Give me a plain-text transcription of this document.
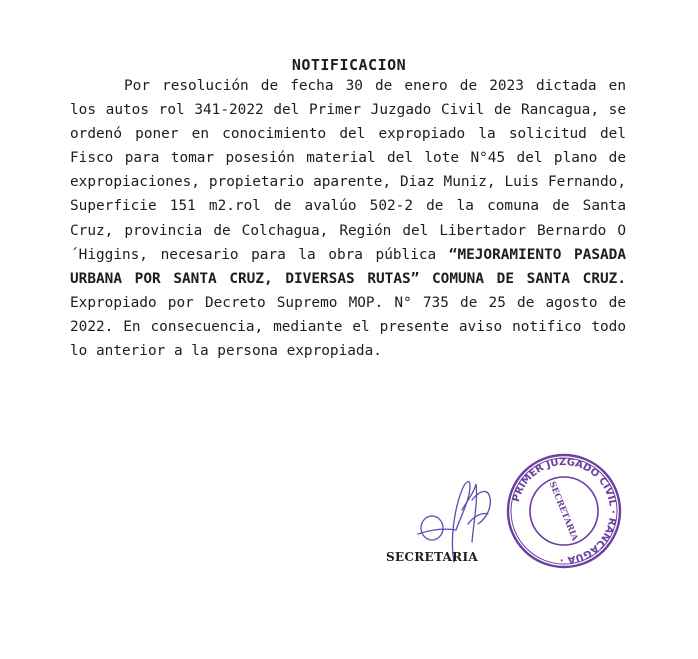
NOTIFICACION

Por resolución de fecha 30 de enero de 2023 dictada en los autos rol 341-2022 del Primer Juzgado Civil de Rancagua, se ordenó poner en conocimiento del expropiado la solicitud del Fisco para tomar posesión material del lote N°45 del plano de expropiaciones, propietario aparente, Diaz Muniz, Luis Fernando, Superficie 151 m2.rol de avalúo 502-2 de la comuna de Santa Cruz, provincia de Colchagua, Región del Libertador Bernardo O´Higgins, necesario para la obra pública “MEJORAMIENTO PASADA URBANA POR SANTA CRUZ, DIVERSAS RUTAS” COMUNA DE SANTA CRUZ. Expropiado por Decreto Supremo MOP. N° 735 de 25 de agosto de 2022. En consecuencia, mediante el presente aviso notifico todo lo anterior a la persona expropiada.

PRIMER JUZGADO CIVIL · RANCAGUA ·
SECRETARIA
SECRETARIA
